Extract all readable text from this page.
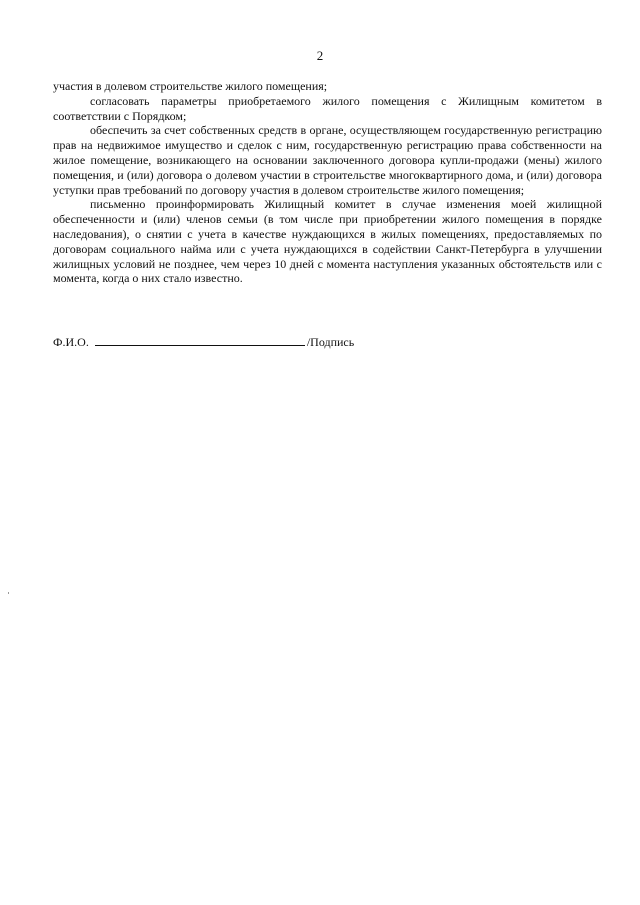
2

участия в долевом строительстве жилого помещения;

согласовать параметры приобретаемого жилого помещения с Жилищным комитетом в соответствии с Порядком;

обеспечить за счет собственных средств в органе, осуществляющем государственную регистрацию прав на недвижимое имущество и сделок с ним, государственную регистрацию права собственности на жилое помещение, возникающего на основании заключенного договора купли-продажи (мены) жилого помещения, и (или) договора о долевом участии в строительстве многоквартирного дома, и (или) договора уступки прав требований по договору участия в долевом строительстве жилого помещения;

письменно проинформировать Жилищный комитет в случае изменения моей жилищной обеспеченности и (или) членов семьи (в том числе при приобретении жилого помещения в порядке наследования), о снятии с учета в качестве нуждающихся в жилых помещениях, предоставляемых по договорам социального найма или с учета нуждающихся в содействии Санкт-Петербурга в улучшении жилищных условий не позднее, чем через 10 дней с момента наступления указанных обстоятельств или с момента, когда о них стало известно.

Ф.И.О.	/Подпись
